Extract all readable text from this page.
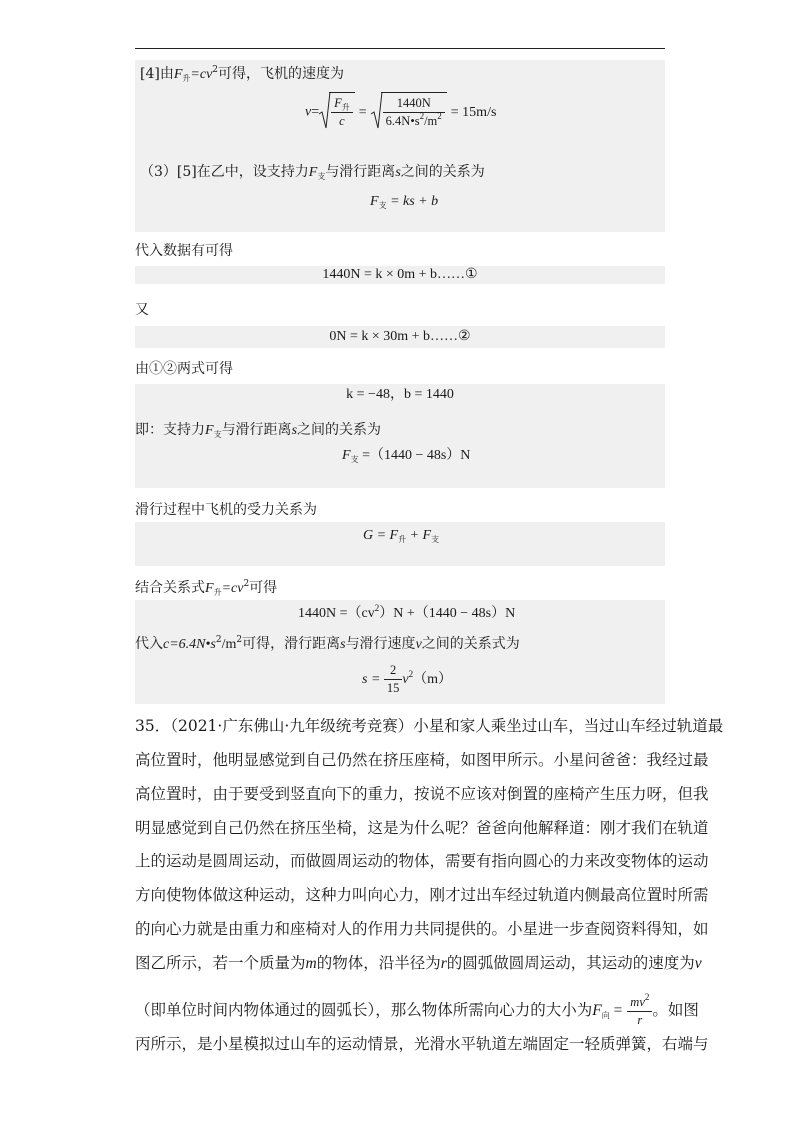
[4]由$F_升=cv^2$可得，飞机的速度为
$v= \frac{F_升}{c} = \frac{1440N}{6.4N•s^2/m^2} = 15m/s$
（3）[5]在乙中，设支持力$F_支$与滑行距离s之间的关系为
$F_支$ = ks + b
代入数据有可得
1440N = k × 0m + b……①
又
0N = k × 30m + b……②
由①②两式可得
k = −48，b = 1440
即：支持力$F_支$与滑行距离s之间的关系为
$F_支 =(1440 - 48s)N$
滑行过程中飞机的受力关系为
$G = F_升 + F_支$
结合关系式$F_升=cv^2$可得
$1440N =(cv^2)N +(1440 - 48s)N$
代入$c=6.4N•s^2/m^2$可得，滑行距离s与滑行速度v之间的关系式为
$s = \frac{2}{15} v^2(m)$
35．（2021·广东佛山·九年级统考竞赛）小星和家人乘坐过山车，当过山车经过轨道最
高位置时，他明显感觉到自己仍然在挤压座椅，如图甲所示。小星问爸爸：我经过最
高位置时，由于要受到竖直向下的重力，按说不应该对倒置的座椅产生压力呀，但我
明显感觉到自己仍然在挤压坐椅，这是为什么呢？爸爸向他解释道：刚才我们在轨道
上的运动是圆周运动，而做圆周运动的物体，需要有指向圆心的力来改变物体的运动
方向使物体做这种运动，这种力叫向心力，刚才过出车经过轨道内侧最高位置时所需
的向心力就是由重力和座椅对人的作用力共同提供的。小星进一步查阅资料得知，如
图乙所示，若一个质量为m的物体，沿半径为r的圆弧做圆周运动，其运动的速度为v
（即单位时间内物体通过的圆弧长），那么物体所需向心力的大小为$F_向 = \frac{mv^2}{r}$ 。如图
丙所示，是小星模拟过山车的运动情景，光滑水平轨道左端固定一轻质弹簧，右端与
